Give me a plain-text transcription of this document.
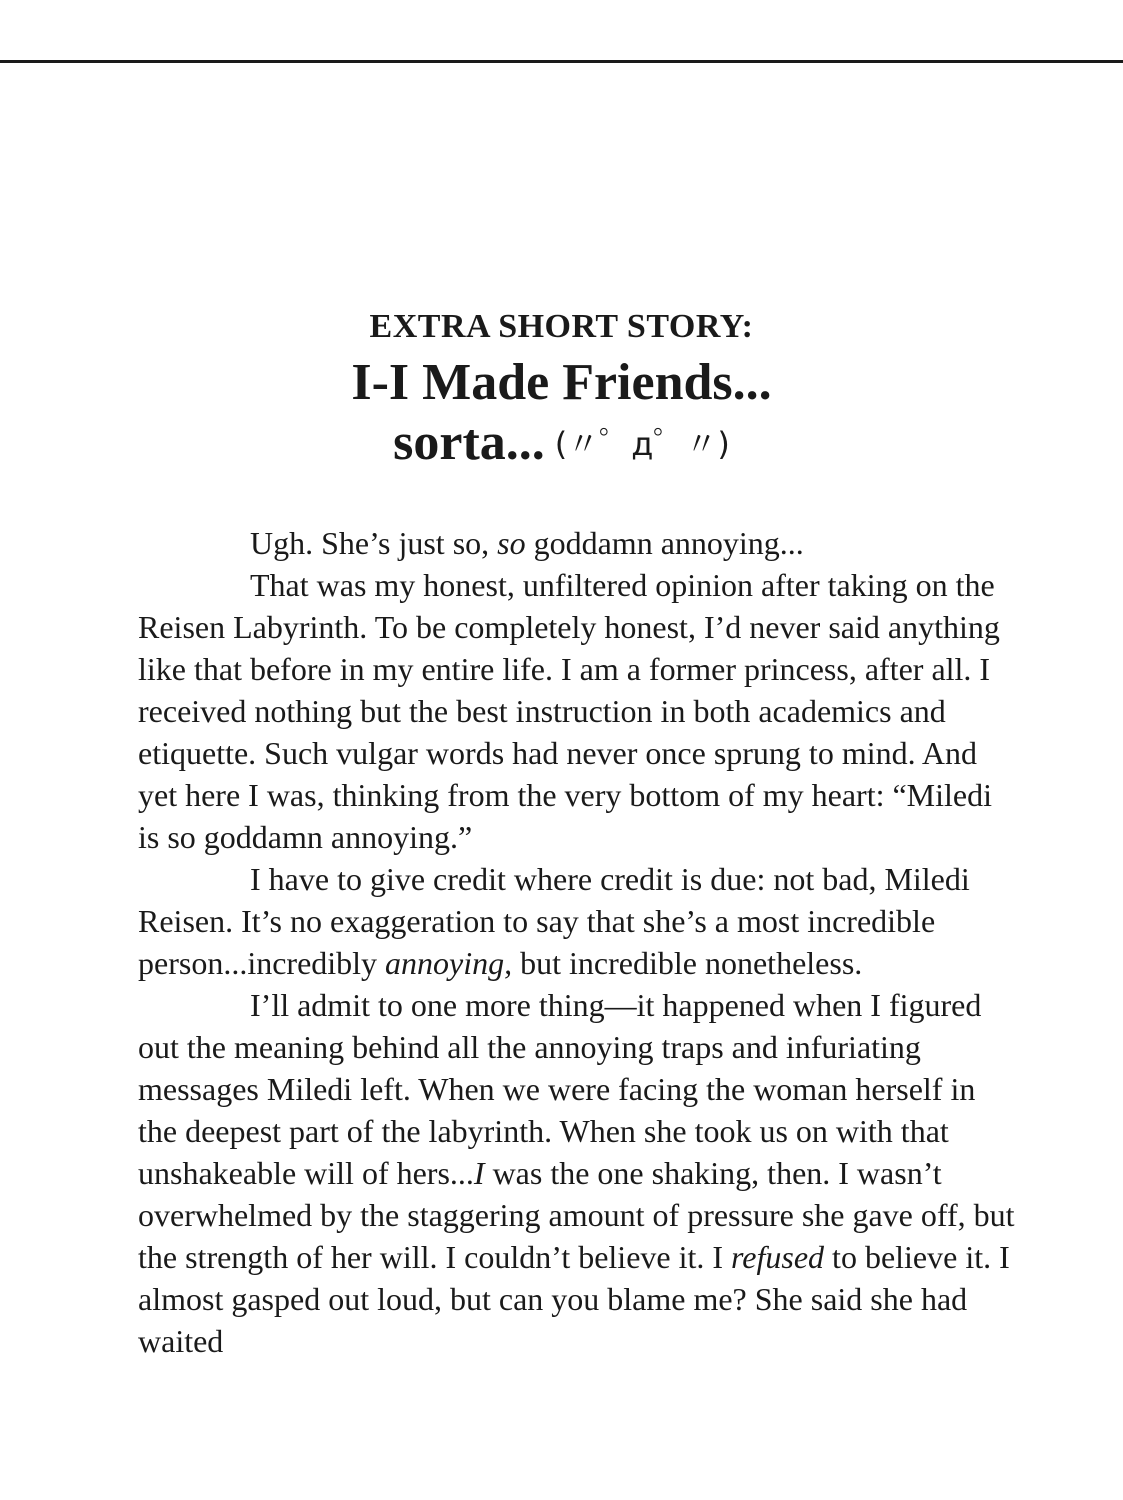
EXTRA SHORT STORY:
I-I Made Friends...
sorta... (〃゜д゜〃)

Ugh. She’s just so, so goddamn annoying...

That was my honest, unfiltered opinion after taking on the Reisen Labyrinth. To be completely honest, I’d never said anything like that before in my entire life. I am a former princess, after all. I received nothing but the best instruction in both academics and etiquette. Such vulgar words had never once sprung to mind. And yet here I was, thinking from the very bottom of my heart: “Miledi is so goddamn annoying.”

I have to give credit where credit is due: not bad, Miledi Reisen. It’s no exaggeration to say that she’s a most incredible person...incredibly annoying, but incredible nonetheless.

I’ll admit to one more thing—it happened when I figured out the meaning behind all the annoying traps and infuriating messages Miledi left. When we were facing the woman herself in the deepest part of the labyrinth. When she took us on with that unshakeable will of hers...I was the one shaking, then. I wasn’t overwhelmed by the staggering amount of pressure she gave off, but the strength of her will. I couldn’t believe it. I refused to believe it. I almost gasped out loud, but can you blame me? She said she had waited
